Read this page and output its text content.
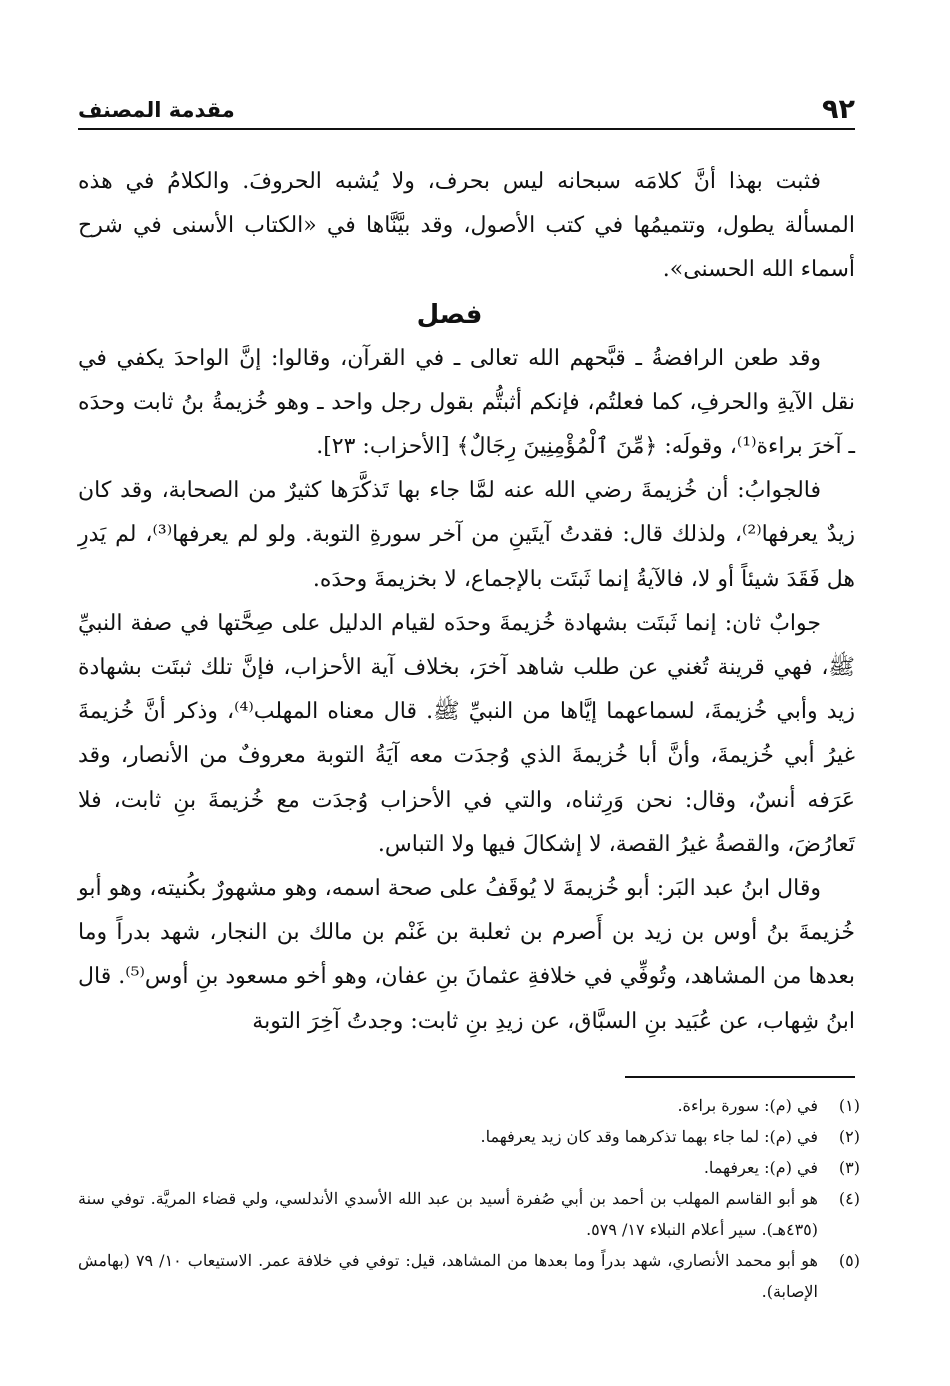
٩٢
مقدمة المصنف

فثبت بهذا أنَّ كلامَه سبحانه ليس بحرف، ولا يُشبه الحروفَ. والكلامُ في هذه المسألة يطول، وتتميمُها في كتب الأصول، وقد بيَّنَّاها في «الكتاب الأسنى في شرح أسماء الله الحسنى».

فصل

وقد طعن الرافضةُ ـ قبَّحهم الله تعالى ـ في القرآن، وقالوا: إنَّ الواحدَ يكفي في نقل الآيةِ والحرفِ، كما فعلتُم، فإنكم أثبتُّم بقول رجل واحد ـ وهو خُزيمةُ بنُ ثابت وحدَه ـ آخرَ براءة⁽¹⁾، وقولَه: ﴿مِّنَ ٱلْمُؤْمِنِينَ رِجَالٌ﴾ [الأحزاب: ٢٣].

فالجوابُ: أن خُزيمةَ رضي الله عنه لمَّا جاء بها تَذكَّرَها كثيرٌ من الصحابة، وقد كان زيدٌ يعرفها⁽²⁾، ولذلك قال: فقدتُ آيتَينِ من آخر سورةِ التوبة. ولو لم يعرفها⁽³⁾، لم يَدرِ هل فَقَدَ شيئاً أو لا، فالآيةُ إنما ثَبتَت بالإجماع، لا بخزيمةَ وحدَه.

جوابٌ ثان: إنما ثَبتَت بشهادة خُزيمةَ وحدَه لقيام الدليل على صِحَّتها في صفة النبيِّ ﷺ، فهي قرينة تُغني عن طلب شاهد آخرَ، بخلاف آية الأحزاب، فإنَّ تلك ثبتَت بشهادة زيد وأبي خُزيمةَ، لسماعهما إيَّاها من النبيِّ ﷺ. قال معناه المهلب⁽⁴⁾، وذكر أنَّ خُزيمةَ غيرُ أبي خُزيمةَ، وأنَّ أبا خُزيمةَ الذي وُجدَت معه آيَةُ التوبة معروفٌ من الأنصار، وقد عَرَفه أنسٌ، وقال: نحن وَرِثناه، والتي في الأحزاب وُجدَت مع خُزيمةَ بنِ ثابت، فلا تَعارُضَ، والقصةُ غيرُ القصة، لا إشكالَ فيها ولا التباس.

وقال ابنُ عبد البَر: أبو خُزيمةَ لا يُوقَفُ على صحة اسمه، وهو مشهورٌ بكُنيته، وهو أبو خُزيمةَ بنُ أوس بن زيد بن أَصرم بن ثعلبة بن غَنْم بن مالك بن النجار، شهد بدراً وما بعدها من المشاهد، وتُوفِّي في خلافةِ عثمانَ بنِ عفان، وهو أخو مسعود بنِ أوس⁽⁵⁾. قال ابنُ شِهاب، عن عُبَيد بنِ السبَّاق، عن زيدِ بنِ ثابت: وجدتُ آخِرَ التوبة

(١)
في (م): سورة براءة.
(٢)
في (م): لما جاء بهما تذكرهما وقد كان زيد يعرفهما.
(٣)
في (م): يعرفهما.
(٤)
هو أبو القاسم المهلب بن أحمد بن أبي صُفرة أسيد بن عبد الله الأسدي الأندلسي، ولي قضاء المريَّة. توفي سنة (٤٣٥هـ). سير أعلام النبلاء ١٧/ ٥٧٩.
(٥)
هو أبو محمد الأنصاري، شهد بدراً وما بعدها من المشاهد، قيل: توفي في خلافة عمر. الاستيعاب ١٠/ ٧٩ (بهامش الإصابة).
